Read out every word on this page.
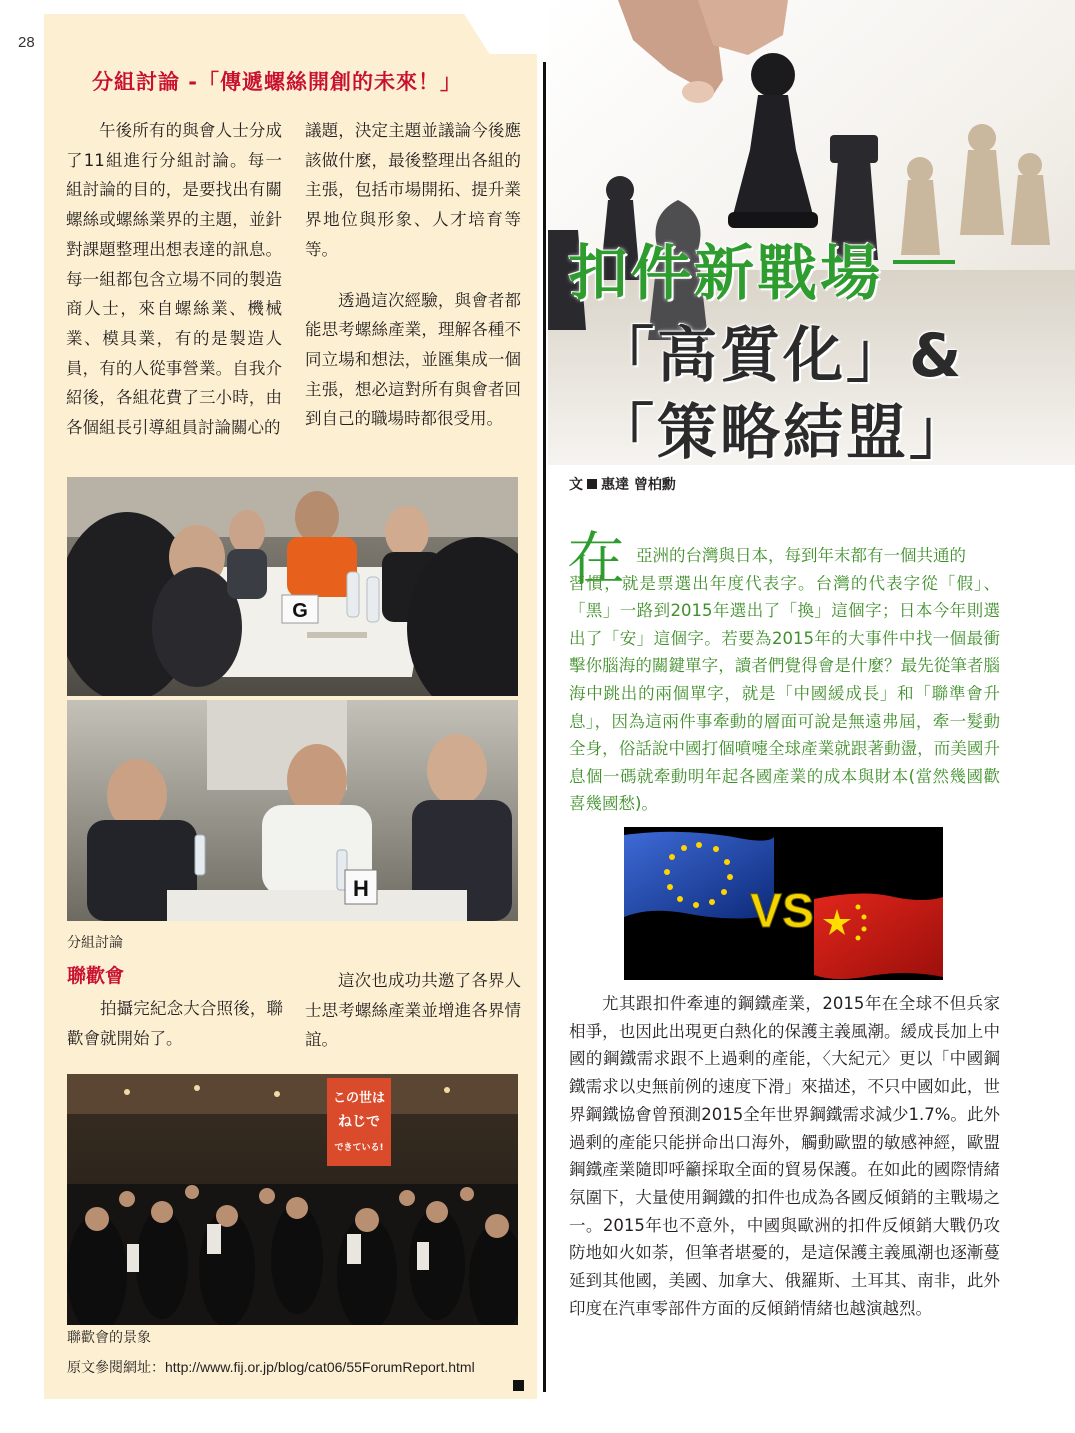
28
分組討論 -「傳遞螺絲開創的未來！」

午後所有的與會人士分成了11組進行分組討論。每一組討論的目的，是要找出有關螺絲或螺絲業界的主題，並針對課題整理出想表達的訊息。每一組都包含立場不同的製造商人士，來自螺絲業、機械業、模具業，有的是製造人員，有的人從事營業。自我介紹後，各組花費了三小時，由各個組長引導組員討論關心的

議題，決定主題並議論今後應該做什麼，最後整理出各組的主張，包括市場開拓、提升業界地位與形象、人才培育等等。

透過這次經驗，與會者都能思考螺絲產業，理解各種不同立場和想法，並匯集成一個主張，想必這對所有與會者回到自己的職場時都很受用。

G
H
分組討論
聯歡會

拍攝完紀念大合照後，聯歡會就開始了。

這次也成功共邀了各界人士思考螺絲產業並增進各界情誼。

この世は
ねじで
できている!
聯歡會的景象
原文參閱網址：http://www.fij.or.jp/blog/cat06/55ForumReport.html
扣件新戰場
「高質化」&
「策略結盟」
文 惠達 曾柏勳
在 亞洲的台灣與日本，每到年末都有一個共通的
習慣，就是票選出年度代表字。台灣的代表字從「假」、「黑」一路到2015年選出了「換」這個字；日本今年則選出了「安」這個字。若要為2015年的大事件中找一個最衝擊你腦海的關鍵單字，讀者們覺得會是什麼？最先從筆者腦海中跳出的兩個單字，就是「中國緩成長」和「聯準會升息」，因為這兩件事牽動的層面可說是無遠弗屆，牽一髮動全身，俗話說中國打個噴嚏全球產業就跟著動盪，而美國升息個一碼就牽動明年起各國產業的成本與財本(當然幾國歡喜幾國愁)。
VS

尤其跟扣件牽連的鋼鐵產業，2015年在全球不但兵家相爭，也因此出現更白熱化的保護主義風潮。緩成長加上中國的鋼鐵需求跟不上過剩的產能，〈大紀元〉更以「中國鋼鐵需求以史無前例的速度下滑」來描述，不只中國如此，世界鋼鐵協會曾預測2015全年世界鋼鐵需求減少1.7%。此外過剩的產能只能拼命出口海外，觸動歐盟的敏感神經，歐盟鋼鐵產業隨即呼籲採取全面的貿易保護。在如此的國際情緒氛圍下，大量使用鋼鐵的扣件也成為各國反傾銷的主戰場之一。2015年也不意外，中國與歐洲的扣件反傾銷大戰仍攻防地如火如荼，但筆者堪憂的，是這保護主義風潮也逐漸蔓延到其他國，美國、加拿大、俄羅斯、土耳其、南非，此外印度在汽車零部件方面的反傾銷情緒也越演越烈。
